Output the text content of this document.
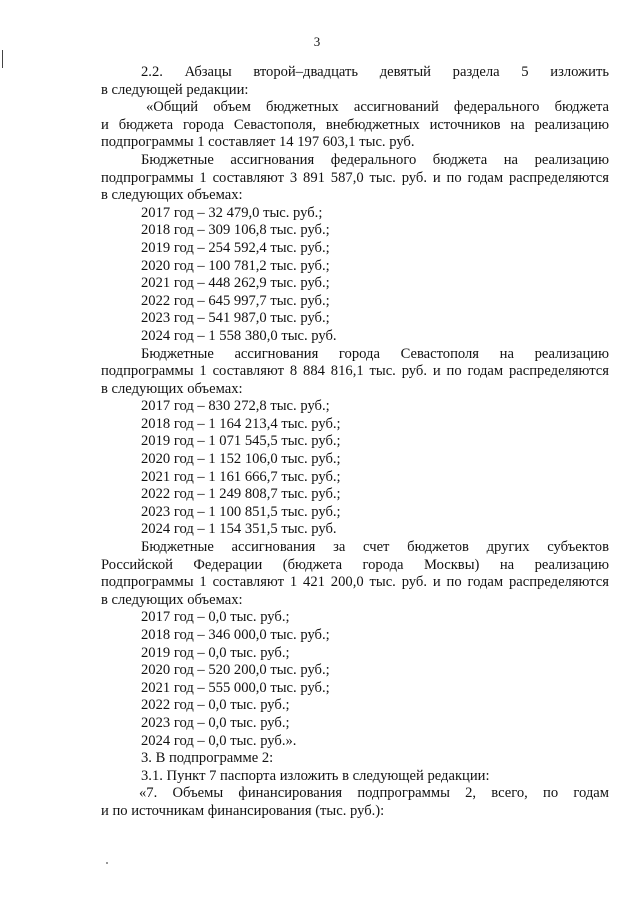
3
2.2. Абзацы второй–двадцать девятый раздела 5 изложить
в следующей редакции:
«Общий объем бюджетных ассигнований федерального бюджета
и бюджета города Севастополя, внебюджетных источников на реализацию
подпрограммы 1 составляет 14 197 603,1 тыс. руб.
Бюджетные ассигнования федерального бюджета на реализацию
подпрограммы 1 составляют 3 891 587,0 тыс. руб. и по годам распределяются
в следующих объемах:
2017 год – 32 479,0 тыс. руб.;
2018 год – 309 106,8 тыс. руб.;
2019 год – 254 592,4 тыс. руб.;
2020 год – 100 781,2 тыс. руб.;
2021 год – 448 262,9 тыс. руб.;
2022 год – 645 997,7 тыс. руб.;
2023 год – 541 987,0 тыс. руб.;
2024 год – 1 558 380,0 тыс. руб.
Бюджетные ассигнования города Севастополя на реализацию
подпрограммы 1 составляют 8 884 816,1 тыс. руб. и по годам распределяются
в следующих объемах:
2017 год – 830 272,8 тыс. руб.;
2018 год – 1 164 213,4 тыс. руб.;
2019 год – 1 071 545,5 тыс. руб.;
2020 год – 1 152 106,0 тыс. руб.;
2021 год – 1 161 666,7 тыс. руб.;
2022 год – 1 249 808,7 тыс. руб.;
2023 год – 1 100 851,5 тыс. руб.;
2024 год – 1 154 351,5 тыс. руб.
Бюджетные ассигнования за счет бюджетов других субъектов
Российской Федерации (бюджета города Москвы) на реализацию
подпрограммы 1 составляют 1 421 200,0 тыс. руб. и по годам распределяются
в следующих объемах:
2017 год – 0,0 тыс. руб.;
2018 год – 346 000,0 тыс. руб.;
2019 год – 0,0 тыс. руб.;
2020 год – 520 200,0 тыс. руб.;
2021 год – 555 000,0 тыс. руб.;
2022 год – 0,0 тыс. руб.;
2023 год – 0,0 тыс. руб.;
2024 год – 0,0 тыс. руб.».
3. В подпрограмме 2:
3.1. Пункт 7 паспорта изложить в следующей редакции:
«7. Объемы финансирования подпрограммы 2, всего, по годам
и по источникам финансирования (тыс. руб.):
